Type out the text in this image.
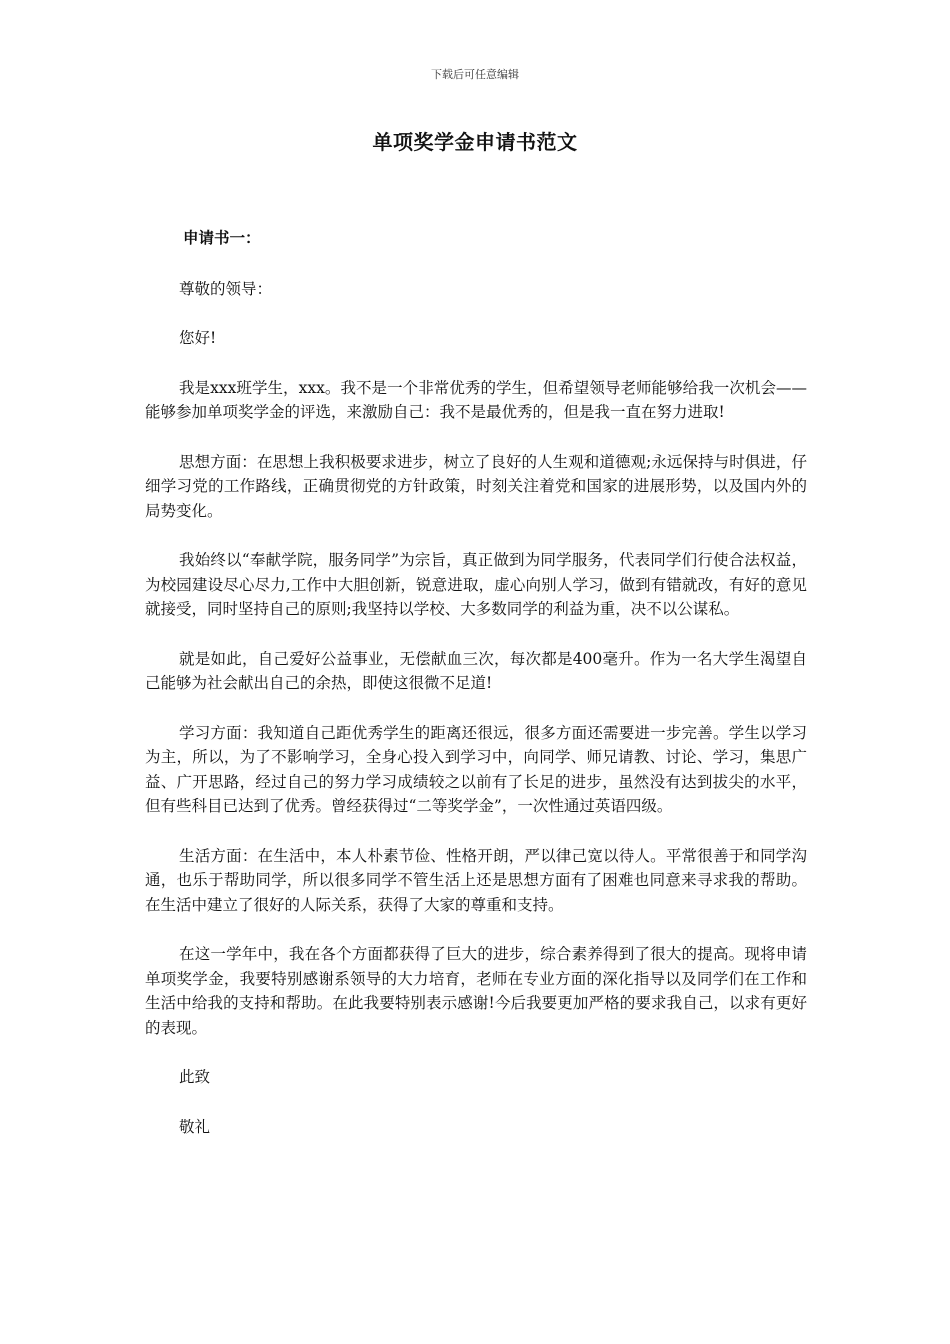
下载后可任意编辑
单项奖学金申请书范文
申请书一：

尊敬的领导：

您好!

我是xxx班学生，xxx。我不是一个非常优秀的学生，但希望领导老师能够给我一次机会——能够参加单项奖学金的评选，来激励自己：我不是最优秀的，但是我一直在努力进取!

思想方面：在思想上我积极要求进步，树立了良好的人生观和道德观;永远保持与时俱进，仔细学习党的工作路线，正确贯彻党的方针政策，时刻关注着党和国家的进展形势，以及国内外的局势变化。

我始终以“奉献学院，服务同学”为宗旨，真正做到为同学服务，代表同学们行使合法权益，为校园建设尽心尽力,工作中大胆创新，锐意进取，虚心向别人学习，做到有错就改，有好的意见就接受，同时坚持自己的原则;我坚持以学校、大多数同学的利益为重，决不以公谋私。

就是如此，自己爱好公益事业，无偿献血三次，每次都是400毫升。作为一名大学生渴望自己能够为社会献出自己的余热，即使这很微不足道!

学习方面：我知道自己距优秀学生的距离还很远，很多方面还需要进一步完善。学生以学习为主，所以，为了不影响学习，全身心投入到学习中，向同学、师兄请教、讨论、学习，集思广益、广开思路，经过自己的努力学习成绩较之以前有了长足的进步，虽然没有达到拔尖的水平，但有些科目已达到了优秀。曾经获得过“二等奖学金”，一次性通过英语四级。

生活方面：在生活中，本人朴素节俭、性格开朗，严以律己宽以待人。平常很善于和同学沟通，也乐于帮助同学，所以很多同学不管生活上还是思想方面有了困难也同意来寻求我的帮助。在生活中建立了很好的人际关系，获得了大家的尊重和支持。

在这一学年中，我在各个方面都获得了巨大的进步，综合素养得到了很大的提高。现将申请单项奖学金，我要特别感谢系领导的大力培育，老师在专业方面的深化指导以及同学们在工作和生活中给我的支持和帮助。在此我要特别表示感谢!今后我要更加严格的要求我自己，以求有更好的表现。

此致

敬礼
